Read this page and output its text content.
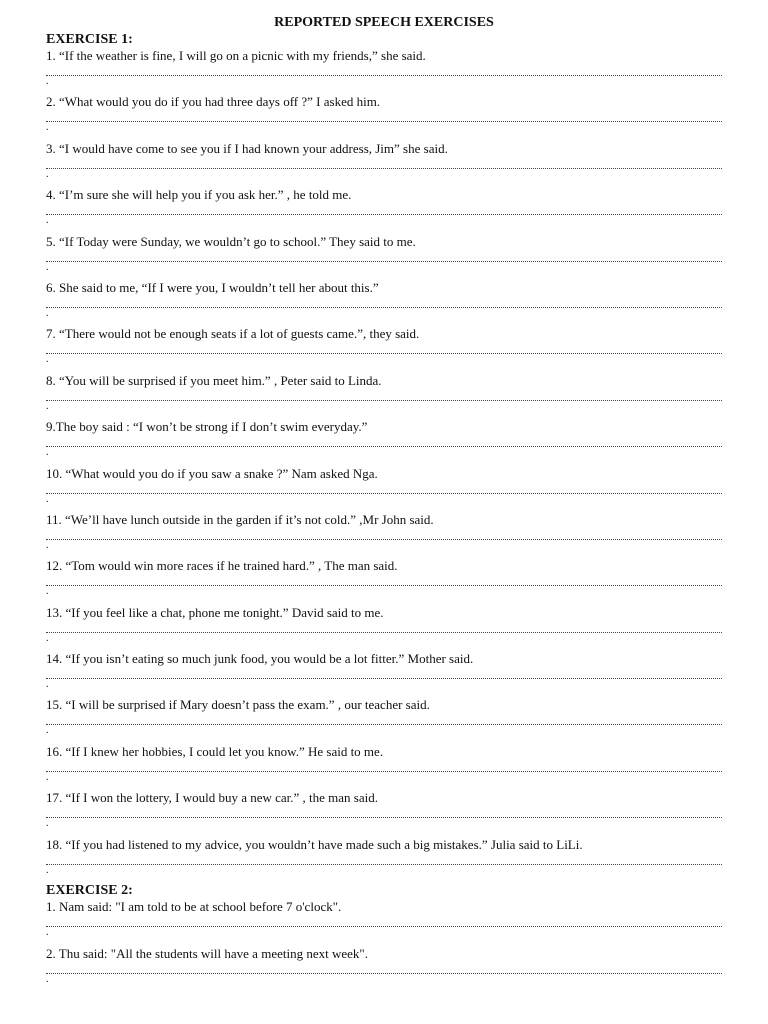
REPORTED SPEECH EXERCISES

EXERCISE 1:

1. “If the weather is fine, I will go on a picnic with my friends,” she said.

.

2. “What would you do if you had three days off ?” I asked him.

.

3. “I would have come to see you if I had known your address, Jim” she said.

.

4. “I’m sure she will help you if you ask her.” , he told me.

.

5. “If Today were Sunday, we wouldn’t go to school.” They said to me.

.

6. She said to me, “If I were you, I wouldn’t tell her about this.”

.

7. “There would not be enough seats if a lot of guests came.”, they said.

.

8. “You will be surprised if you meet him.” , Peter said to Linda.

.

9.The boy said : “I won’t be strong if I don’t swim everyday.”

.

10. “What would you do if you saw a snake ?” Nam asked Nga.

.

11. “We’ll have lunch outside in the garden if it’s not cold.” ,Mr John said.

.

12. “Tom would win more races if he trained hard.” , The man said.

.

13. “If you feel like a chat, phone me tonight.” David said to me.

.

14. “If you isn’t eating so much junk food, you would be a lot fitter.” Mother said.

.

15. “I will be surprised if Mary doesn’t pass the exam.” , our teacher said.

.

16. “If I knew her hobbies, I could let you know.” He said to me.

.

17. “If I won the lottery, I would buy a new car.” , the man said.

.

18. “If you had listened to my advice, you wouldn’t have made such a big mistakes.” Julia said to LiLi.

.

EXERCISE 2:

1. Nam said: "I am told to be at school before 7 o'clock".

.

2. Thu said: "All the students will have a meeting next week".

.
